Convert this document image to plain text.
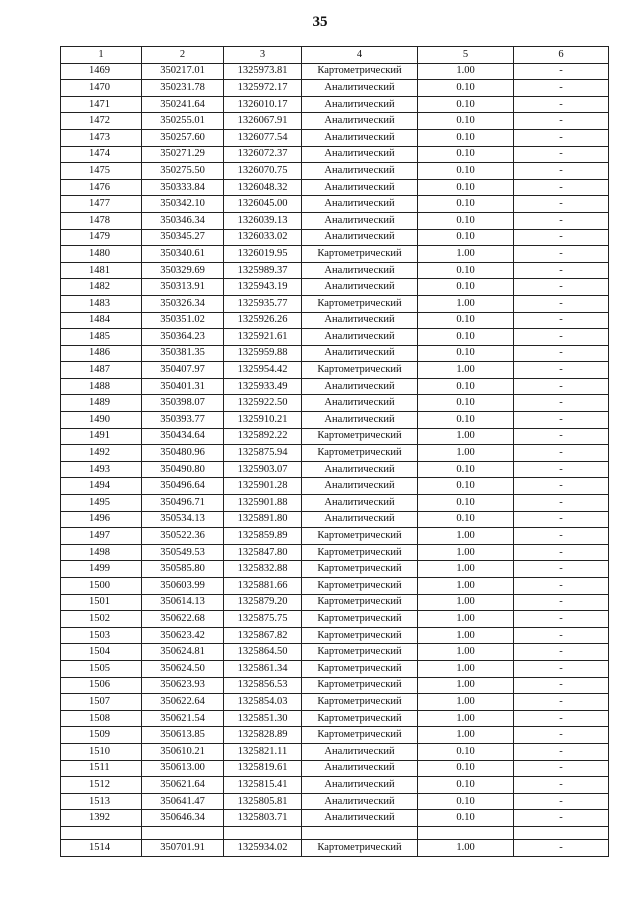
35
1	2	3	4	5	6
1469	350217.01	1325973.81	Картометрический	1.00	-
1470	350231.78	1325972.17	Аналитический	0.10	-
1471	350241.64	1326010.17	Аналитический	0.10	-
1472	350255.01	1326067.91	Аналитический	0.10	-
1473	350257.60	1326077.54	Аналитический	0.10	-
1474	350271.29	1326072.37	Аналитический	0.10	-
1475	350275.50	1326070.75	Аналитический	0.10	-
1476	350333.84	1326048.32	Аналитический	0.10	-
1477	350342.10	1326045.00	Аналитический	0.10	-
1478	350346.34	1326039.13	Аналитический	0.10	-
1479	350345.27	1326033.02	Аналитический	0.10	-
1480	350340.61	1326019.95	Картометрический	1.00	-
1481	350329.69	1325989.37	Аналитический	0.10	-
1482	350313.91	1325943.19	Аналитический	0.10	-
1483	350326.34	1325935.77	Картометрический	1.00	-
1484	350351.02	1325926.26	Аналитический	0.10	-
1485	350364.23	1325921.61	Аналитический	0.10	-
1486	350381.35	1325959.88	Аналитический	0.10	-
1487	350407.97	1325954.42	Картометрический	1.00	-
1488	350401.31	1325933.49	Аналитический	0.10	-
1489	350398.07	1325922.50	Аналитический	0.10	-
1490	350393.77	1325910.21	Аналитический	0.10	-
1491	350434.64	1325892.22	Картометрический	1.00	-
1492	350480.96	1325875.94	Картометрический	1.00	-
1493	350490.80	1325903.07	Аналитический	0.10	-
1494	350496.64	1325901.28	Аналитический	0.10	-
1495	350496.71	1325901.88	Аналитический	0.10	-
1496	350534.13	1325891.80	Аналитический	0.10	-
1497	350522.36	1325859.89	Картометрический	1.00	-
1498	350549.53	1325847.80	Картометрический	1.00	-
1499	350585.80	1325832.88	Картометрический	1.00	-
1500	350603.99	1325881.66	Картометрический	1.00	-
1501	350614.13	1325879.20	Картометрический	1.00	-
1502	350622.68	1325875.75	Картометрический	1.00	-
1503	350623.42	1325867.82	Картометрический	1.00	-
1504	350624.81	1325864.50	Картометрический	1.00	-
1505	350624.50	1325861.34	Картометрический	1.00	-
1506	350623.93	1325856.53	Картометрический	1.00	-
1507	350622.64	1325854.03	Картометрический	1.00	-
1508	350621.54	1325851.30	Картометрический	1.00	-
1509	350613.85	1325828.89	Картометрический	1.00	-
1510	350610.21	1325821.11	Аналитический	0.10	-
1511	350613.00	1325819.61	Аналитический	0.10	-
1512	350621.64	1325815.41	Аналитический	0.10	-
1513	350641.47	1325805.81	Аналитический	0.10	-
1392	350646.34	1325803.71	Аналитический	0.10	-

1514	350701.91	1325934.02	Картометрический	1.00	-
